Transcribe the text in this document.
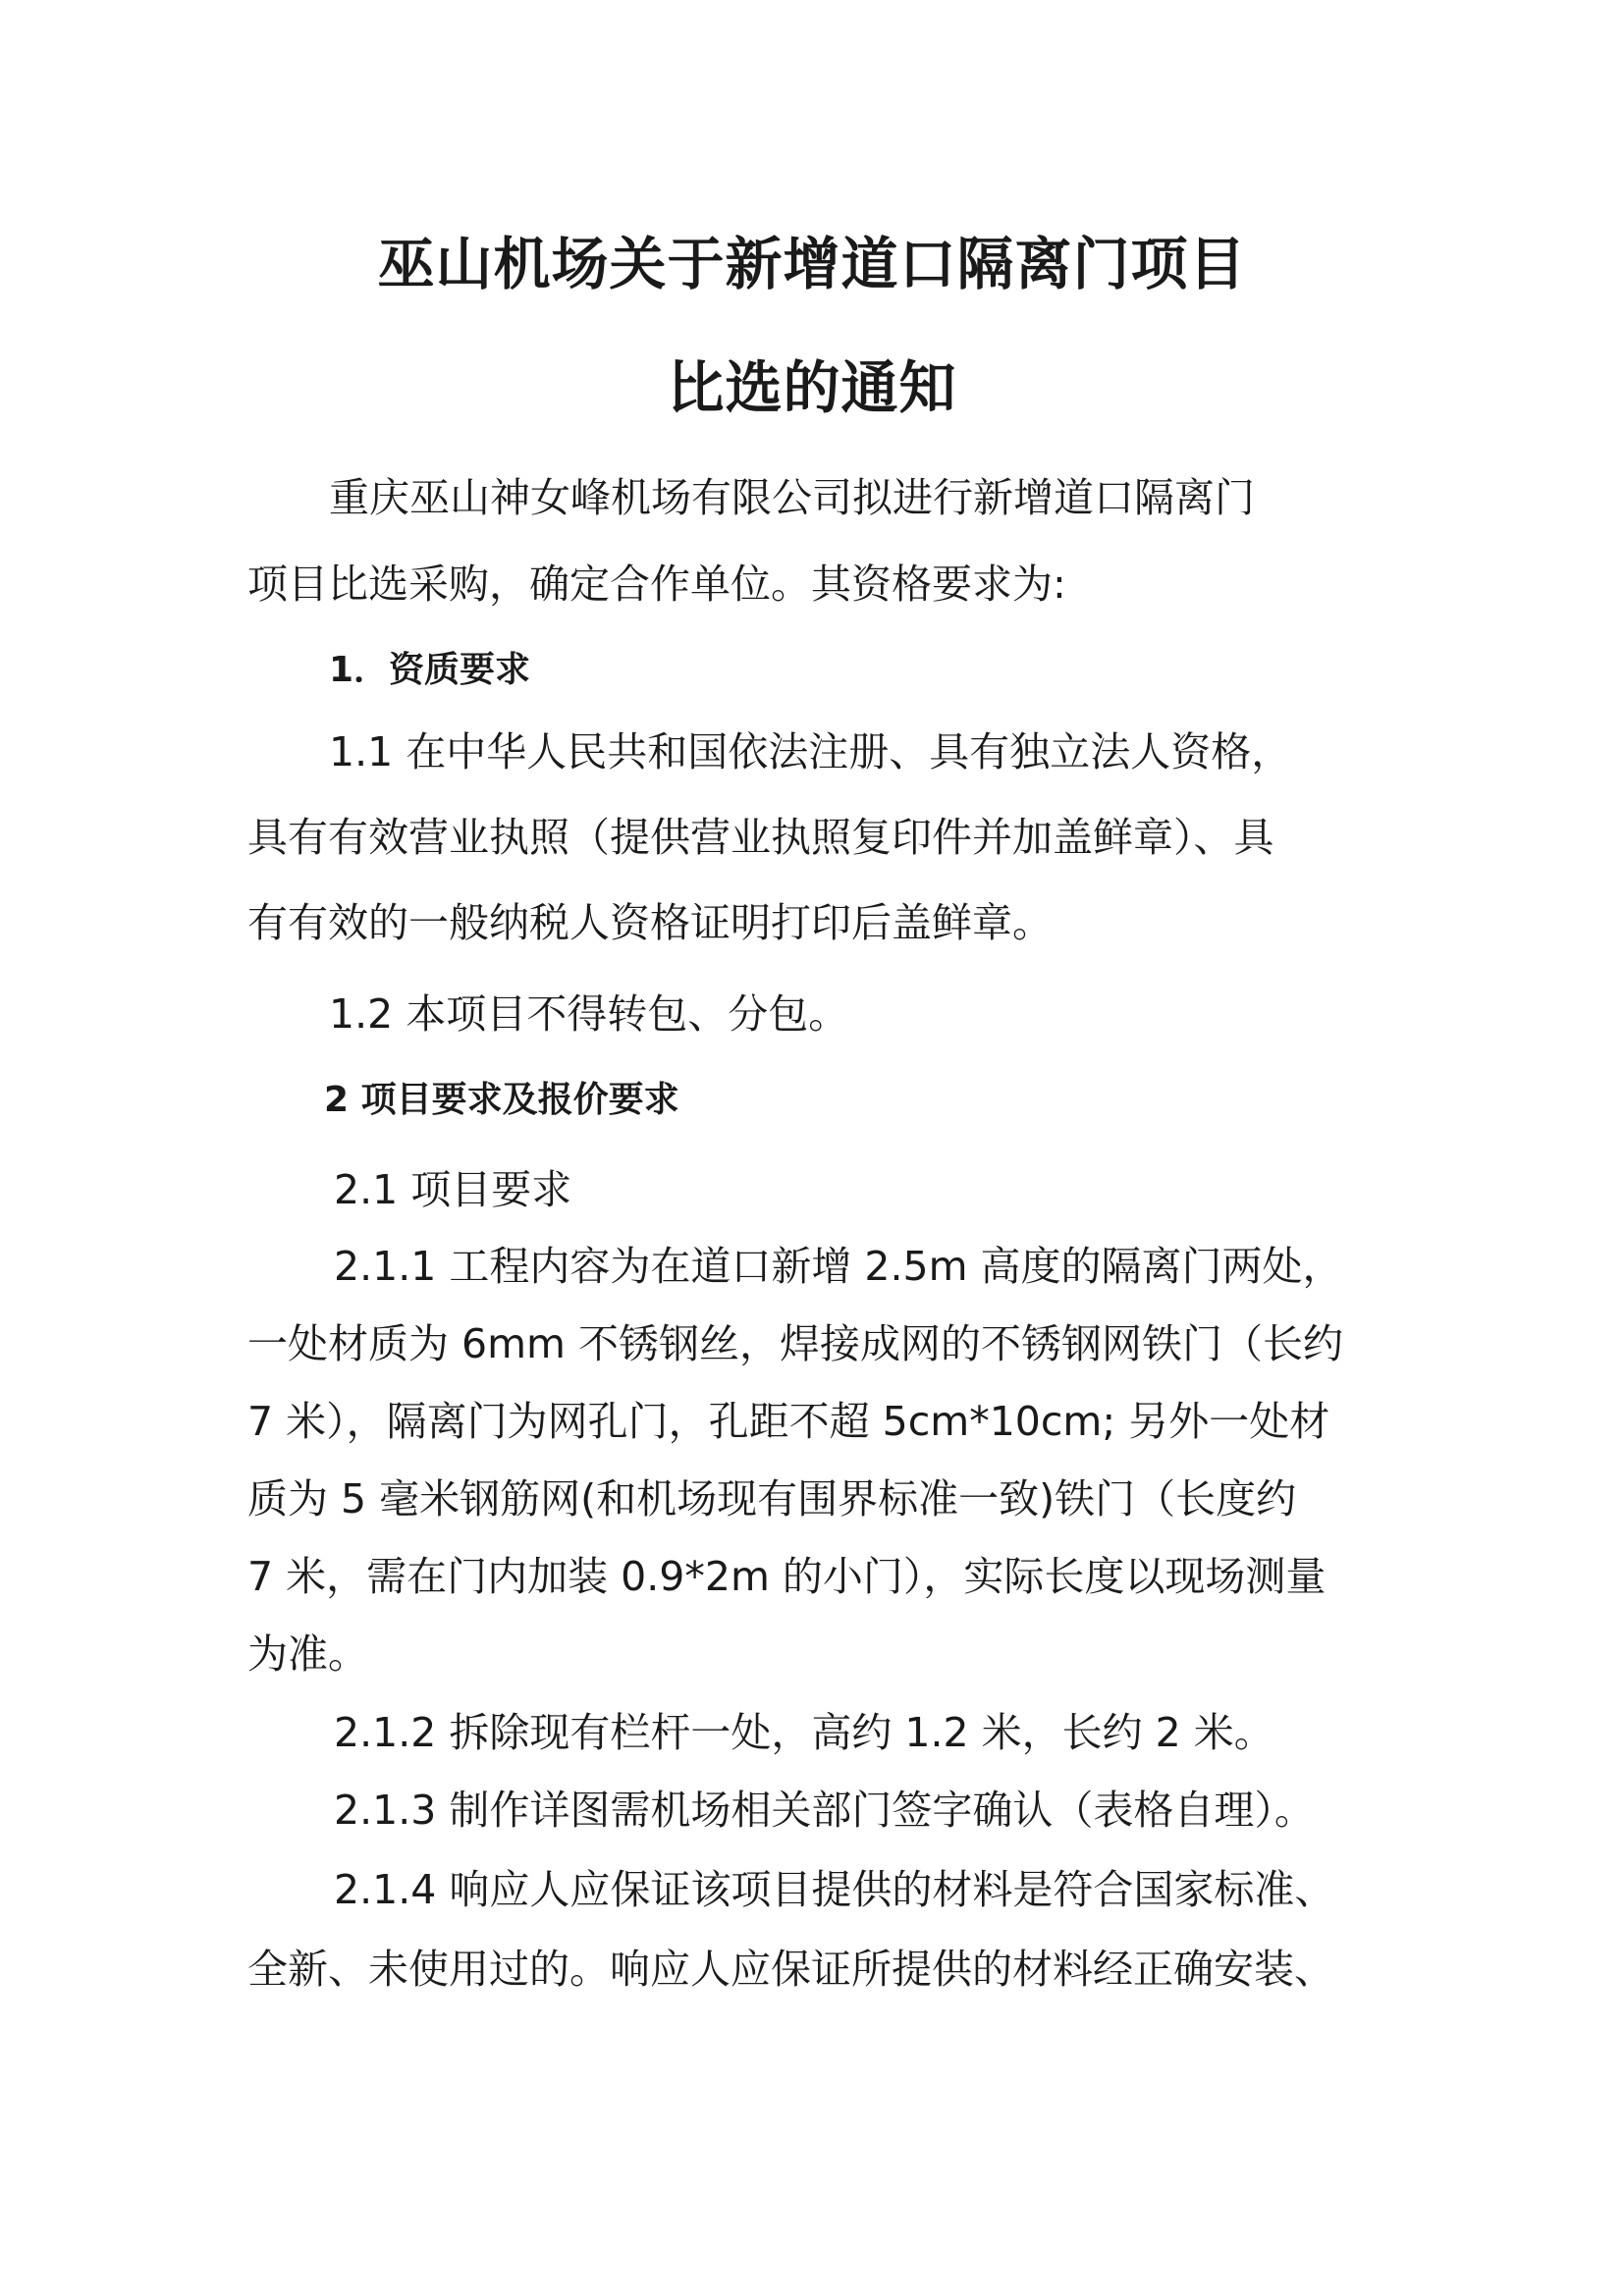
巫山机场关于新增道口隔离门项目
比选的通知
重庆巫山神女峰机场有限公司拟进行新增道口隔离门
项目比选采购，确定合作单位。其资格要求为:
1．资质要求
1.1 在中华人民共和国依法注册、具有独立法人资格，
具有有效营业执照（提供营业执照复印件并加盖鲜章）、具
有有效的一般纳税人资格证明打印后盖鲜章。
1.2 本项目不得转包、分包。
2 项目要求及报价要求
2.1 项目要求
2.1.1 工程内容为在道口新增 2.5m 高度的隔离门两处，
一处材质为 6mm 不锈钢丝，焊接成网的不锈钢网铁门（长约
7 米），隔离门为网孔门，孔距不超 5cm*10cm; 另外一处材
质为 5 毫米钢筋网(和机场现有围界标准一致)铁门（长度约
7 米，需在门内加装 0.9*2m 的小门），实际长度以现场测量
为准。
2.1.2 拆除现有栏杆一处，高约 1.2 米，长约 2 米。
2.1.3 制作详图需机场相关部门签字确认（表格自理）。
2.1.4 响应人应保证该项目提供的材料是符合国家标准、
全新、未使用过的。响应人应保证所提供的材料经正确安装、
